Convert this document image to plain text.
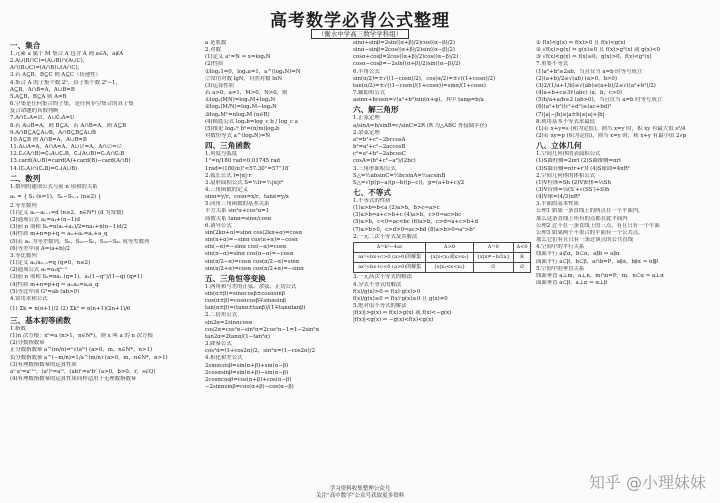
高考数学必背公式整理
（衡水中学高三数学学科组）
一、集合
1.元素 a 属于 M 集合 A 包含 A 则 a∈A，a∉A
2.A∪(B∩C)=(A∪B)∩(A∪C)，
A∩(B∪C)=(A∩B)∪(A∩C)，
3.若 A⊆B，B⊆C 则 A⊆C（传递性）
4.集合 A 的子集个数 2ⁿ，真子集个数 2ⁿ−1，
A⊆B，A∩B=A，A∪B=B
5.A⊆B，B⊆A 则 A=B
6.空集是任何集合的子集，是任何非空集合的真子集
复合命题的真假判断
7.A∩∁ᵤA=∅，A∪∁ᵤA=U
8.若 A∪B=A，则 B⊆A，若 A∩B=A，则 A⊆B
9.A∩B⊆A⊆A∪B，A∩B⊆B⊆A∪B
10.A⊆B 则 A∩B=A，A∪B=B
11.A∪A=A，A∩A=A，A∪∅=A，A∩∅=∅
12.∁ᵤ(A∩B)=∁ᵤA∪∁ᵤB，∁ᵤ(A∪B)=∁ᵤA∩∁ᵤB
13.card(A∪B)=card(A)+card(B)−card(A∩B)
14.(∁ᵤA)∩(∁ᵤB)=∁ᵤ(A∪B)
二、数列
1.数列的通项公式与前 n 项和的关系
aₙ = { S₁ (n=1)，Sₙ−Sₙ₋₁ (n≥2) }
2.等差数列
(1)定义 aₙ−aₙ₋₁=d (n≥2，n∈N*) (d 为常数)
(2)通项公式 aₙ=a₁+(n−1)d
(3)前 n 项和 Sₙ=n(a₁+aₙ)/2=na₁+n(n−1)d/2
(4)性质 m+n=p+q ⇒ aₘ+aₙ=aₚ+a_q
(5)若 aₙ 为等差数列，Sₙ，S₂ₙ−Sₙ，S₃ₙ−S₂ₙ 成等差数列
(6)等差中项 A=(a+b)/2
3.等比数列
(1)定义 aₙ/aₙ₋₁=q (q≠0，n≥2)
(2)通项公式 aₙ=a₁qⁿ⁻¹
(3)前 n 项和 Sₙ=na₁ (q=1)，a₁(1−qⁿ)/(1−q) (q≠1)
(4)性质 m+n=p+q ⇒ aₘaₙ=aₚa_q
(5)等比中项 G²=ab (ab>0)
4.常用求和公式
(1) Σk = n(n+1)/2 (2) Σk² = n(n+1)(2n+1)/6
三、基本初等函数
1.指数
(1)n 次方根：xⁿ=a (n>1，n∈N*)，则 x 叫 a 的 n 次方根
(2)分数指数幂
正分数指数幂 a^(m/n)=ⁿ√(aᵐ) (a>0，m，n∈N*，n>1)
负分数指数幂 a^(−m/n)=1/a^(m/n) (a>0，m，n∈N*，n>1)
(3)有理数指数幂的运算性质
aʳ·aˢ=aʳ⁺ˢ，(aʳ)ˢ=aʳˢ，(ab)ʳ=aʳbʳ (a>0，b>0，r，s∈Q)
(4)有理数指数幂的运算性质同样适用于无理数指数幂
a 是底数
2.对数
(1)定义 aˣ=N ⇔ x=logₐN
(2)性质
①logₐ1=0，logₐa=1，a^(logₐN)=N
②常用对数 lgN，自然对数 lnN
(3)运算性质
若 a>0，a≠1，M>0，N>0，则
①logₐ(MN)=logₐM+logₐN
②logₐ(M/N)=logₐM−logₐN
③logₐMⁿ=nlogₐM (n∈R)
(4)换底公式 logₐb=log_c b / log_c a
(5)推论 logₐᵐ bⁿ=(n/m)logₐb
对数恒等式 a^(logₐN)=N
四、三角函数
1.角度与弧度
1°=π/180 rad≈0.01745 rad
1rad=(180/π)°≈57.30°=57°18′
2.弧长公式 l=|α|·r
3.扇形面积公式 S=½lr=½|α|r²
4.三角函数的定义
sinα=y/r，cosα=x/r，tanα=y/x
5.同角三角函数的基本关系
平方关系 sin²α+cos²α=1
商数关系 tanα=sinα/cosα
6.诱导公式
sin(2kπ+α)=sinα cos(2kπ+α)=cosα
sin(π+α)=−sinα cos(π+α)=−cosα
sin(−α)=−sinα cos(−α)=cosα
sin(π−α)=sinα cos(π−α)=−cosα
sin(π/2−α)=cosα cos(π/2−α)=sinα
sin(π/2+α)=cosα cos(π/2+α)=−sinα
五、三角恒等变换
1.两角和与差的正弦、余弦、正切公式
sin(α±β)=sinαcosβ±cosαsinβ
cos(α±β)=cosαcosβ∓sinαsinβ
tan(α±β)=(tanα±tanβ)/(1∓tanαtanβ)
2.二倍角公式
sin2α=2sinαcosα
cos2α=cos²α−sin²α=2cos²α−1=1−2sin²α
tan2α=2tanα/(1−tan²α)
3.降幂公式
cos²α=(1+cos2α)/2，sin²α=(1−cos2α)/2
4.积化和差公式
2sinαcosβ=sin(α+β)+sin(α−β)
2cosαsinβ=sin(α+β)−sin(α−β)
2cosαcosβ=cos(α+β)+cos(α−β)
−2sinαsinβ=cos(α+β)−cos(α−β)
sinα+sinβ=2sin((α+β)/2)cos((α−β)/2)
sinα−sinβ=2cos((α+β)/2)sin((α−β)/2)
cosα+cosβ=2cos((α+β)/2)cos((α−β)/2)
cosα−cosβ=−2sin((α+β)/2)sin((α−β)/2)
6.半角公式
sin(α/2)=±√((1−cosα)/2)，cos(α/2)=±√((1+cosα)/2)
tan(α/2)=±√((1−cosα)/(1+cosα))=sinα/(1+cosα)
7.辅助角公式
asinα+bcosα=√(a²+b²)sin(α+φ)，其中 tanφ=b/a
六、解三角形
1.正弦定理
a/sinA=b/sinB=c/sinC=2R (R 为△ABC 外接圆半径)
2.余弦定理
a²=b²+c²−2bccosA
b²=a²+c²−2accosB
c²=a²+b²−2abcosC
cosA=(b²+c²−a²)/(2bc)
3.三角形面积公式
S△=½absinC=½bcsinA=½acsinB
S△=√(p(p−a)(p−b)(p−c))，p=(a+b+c)/2
七、不等式
1.不等式的性质
(1)a>b⇔b<a (2)a>b，b>c⇒a>c
(3)a>b⇔a+c>b+c (4)a>b，c>0⇒ac>bc
(5)a>b，c<0⇒ac<bc (6)a>b，c>d⇒a+c>b+d
(7)a>b>0，c>d>0⇒ac>bd (8)a>b>0⇒aⁿ>bⁿ
2.一元二次不等式及其解法
Δ=b²−4ac	Δ>0	Δ=0	Δ<0
ax²+bx+c>0 (a>0)的解集	{x|x<x₁或x>x₂}	{x|x≠−b/2a}	R
ax²+bx+c<0 (a>0)的解集	{x|x₁<x<x₂}	∅	∅
3.一元高次不等式的解法
4.分式不等式的解法
f(x)/g(x)>0 ⇔ f(x)·g(x)>0
f(x)/g(x)≥0 ⇔ f(x)·g(x)≥0 且 g(x)≠0
5.绝对值不等式的解法
|f(x)|>g(x) ⇔ f(x)>g(x) 或 f(x)<−g(x)
|f(x)|<g(x) ⇔ −g(x)<f(x)<g(x)
① f(x)<g(x) ⇔ f(x)>0 且 f(x)<g(x)
② √f(x)>g(x) ⇔ g(x)≥0 且 f(x)>g²(x) 或 g(x)<0
③ √f(x)<g(x) ⇔ f(x)≥0，g(x)>0，f(x)<g²(x)
7.重要不等式
(1)a²+b²≥2ab，当且仅当 a=b 时等号成立
(2)(a+b)/2≥√(ab) (a>0，b>0)
(3)2/(1/a+1/b)≤√(ab)≤(a+b)/2≤√((a²+b²)/2)
(4)a+b+c≥3∛(abc) (a，b，c>0)
(5)b/a+a/b≥2 (ab>0)，当且仅当 a=b 时等号成立
(6)(a²+b²)(c²+d²)≥(ac+bd)²
(7)|a|−|b|≤|a±b|≤|a|+|b|
8.利用基本不等式求最值
(1)若 x+y=s (和为定值)，则当 x=y 时，积 xy 有最大值 s²/4
(2)若 xy=p (积为定值)，则当 x=y 时，和 x+y 有最小值 2√p
八、立体几何
1.空间几何体的表面积公式
(1)S圆柱侧=2πrl (2)S圆锥侧=πrl
(3)S圆台侧=π(r+r′)l (4)S球面=4πR²
2.空间几何体的体积公式
(1)V柱体=Sh (2)V锥体=⅓Sh
(3)V台体=⅓(S′+√(SS′)+S)h
(4)V球=(4/3)πR³
3.平面的基本性质
公理1 如果一条直线上的两点在一个平面内，
那么这条直线上所有的点都在此平面内
公理2 过不在一条直线上的三点，有且只有一个平面
公理3 如果两个不重合的平面有一个公共点，
那么它们有且只有一条过该点的公共直线
4.空间中的平行关系
线面平行 a⊄α，b⊂α，a∥b ⇒ a∥α
面面平行 a⊂β，b⊂β，a∩b=P，a∥α，b∥α ⇒ α∥β
5.空间中的垂直关系
线面垂直 a⊥m，a⊥n，m∩n=P，m，n⊂α ⇒ a⊥α
面面垂直 a⊂β，a⊥α ⇒ α⊥β
学习资料收集整理公众号
关注“高中数学”公众号获取更多资料
知乎 @小理妹妹
